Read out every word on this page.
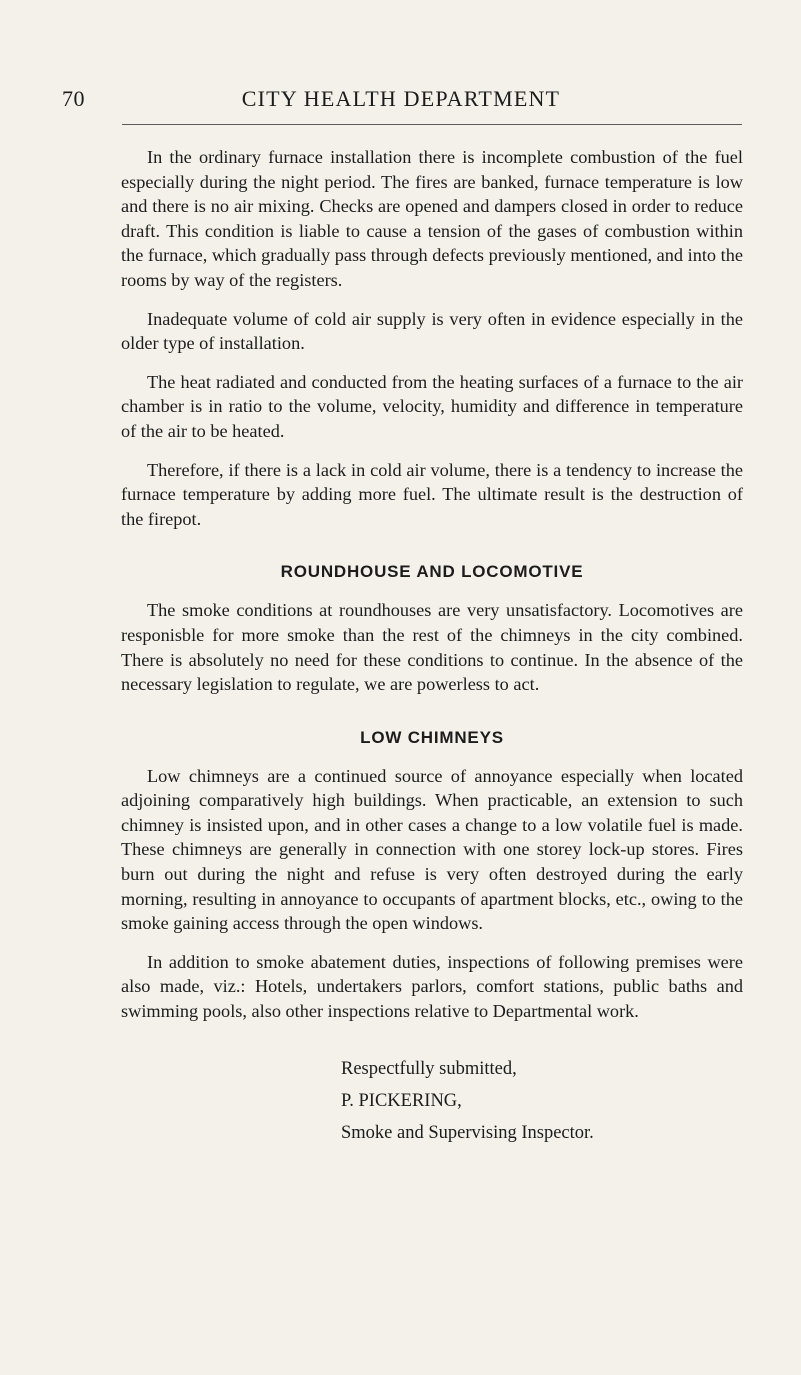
70	CITY HEALTH DEPARTMENT

In the ordinary furnace installation there is incomplete combustion of the fuel especially during the night period. The fires are banked, furnace temperature is low and there is no air mixing. Checks are opened and dampers closed in order to reduce draft. This condition is liable to cause a tension of the gases of combustion within the furnace, which gradually pass through defects previously mentioned, and into the rooms by way of the registers.

Inadequate volume of cold air supply is very often in evidence especially in the older type of installation.

The heat radiated and conducted from the heating surfaces of a furnace to the air chamber is in ratio to the volume, velocity, humidity and difference in temperature of the air to be heated.

Therefore, if there is a lack in cold air volume, there is a tendency to increase the furnace temperature by adding more fuel. The ultimate result is the destruction of the firepot.

ROUNDHOUSE AND LOCOMOTIVE

The smoke conditions at roundhouses are very unsatisfactory. Locomotives are responisble for more smoke than the rest of the chimneys in the city combined. There is absolutely no need for these conditions to continue. In the absence of the necessary legislation to regulate, we are powerless to act.

LOW CHIMNEYS

Low chimneys are a continued source of annoyance especially when located adjoining comparatively high buildings. When practicable, an extension to such chimney is insisted upon, and in other cases a change to a low volatile fuel is made. These chimneys are generally in connection with one storey lock-up stores. Fires burn out during the night and refuse is very often destroyed during the early morning, resulting in annoyance to occupants of apartment blocks, etc., owing to the smoke gaining access through the open windows.

In addition to smoke abatement duties, inspections of following premises were also made, viz.: Hotels, undertakers parlors, comfort stations, public baths and swimming pools, also other inspections relative to Departmental work.

Respectfully submitted,
P. PICKERING,
Smoke and Supervising Inspector.
